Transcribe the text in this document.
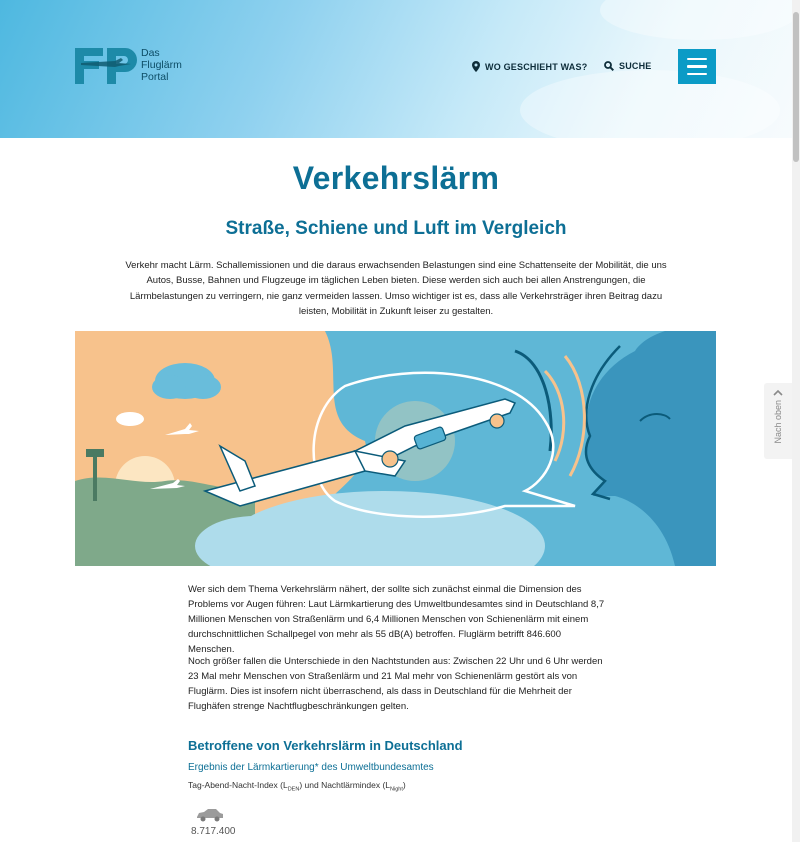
Das
Fluglärm
Portal
WO GESCHIEHT WAS?	SUCHE
Verkehrslärm
Straße, Schiene und Luft im Vergleich

Verkehr macht Lärm. Schallemissionen und die daraus erwachsenden Belastungen sind eine Schattenseite der Mobilität, die uns Autos, Busse, Bahnen und Flugzeuge im täglichen Leben bieten. Diese werden sich auch bei allen Anstrengungen, die Lärmbelastungen zu verringern, nie ganz vermeiden lassen. Umso wichtiger ist es, dass alle Verkehrsträger ihren Beitrag dazu leisten, Mobilität in Zukunft leiser zu gestalten.

Wer sich dem Thema Verkehrslärm nähert, der sollte sich zunächst einmal die Dimension des Problems vor Augen führen: Laut Lärmkartierung des Umweltbundesamtes sind in Deutschland 8,7 Millionen Menschen von Straßenlärm und 6,4 Millionen Menschen von Schienenlärm mit einem durchschnittlichen Schallpegel von mehr als 55 dB(A) betroffen. Fluglärm betrifft 846.600 Menschen.

Noch größer fallen die Unterschiede in den Nachtstunden aus: Zwischen 22 Uhr und 6 Uhr werden 23 Mal mehr Menschen von Straßenlärm und 21 Mal mehr von Schienenlärm gestört als von Fluglärm. Dies ist insofern nicht überraschend, als dass in Deutschland für die Mehrheit der Flughäfen strenge Nachtflugbeschränkungen gelten.

Betroffene von Verkehrslärm in Deutschland
Ergebnis der Lärmkartierung* des Umweltbundesamtes
Tag-Abend-Nacht-Index $(L_{DEN})$ und Nachtlärmindex $(L_{Night})$
8.717.400
Nach oben
